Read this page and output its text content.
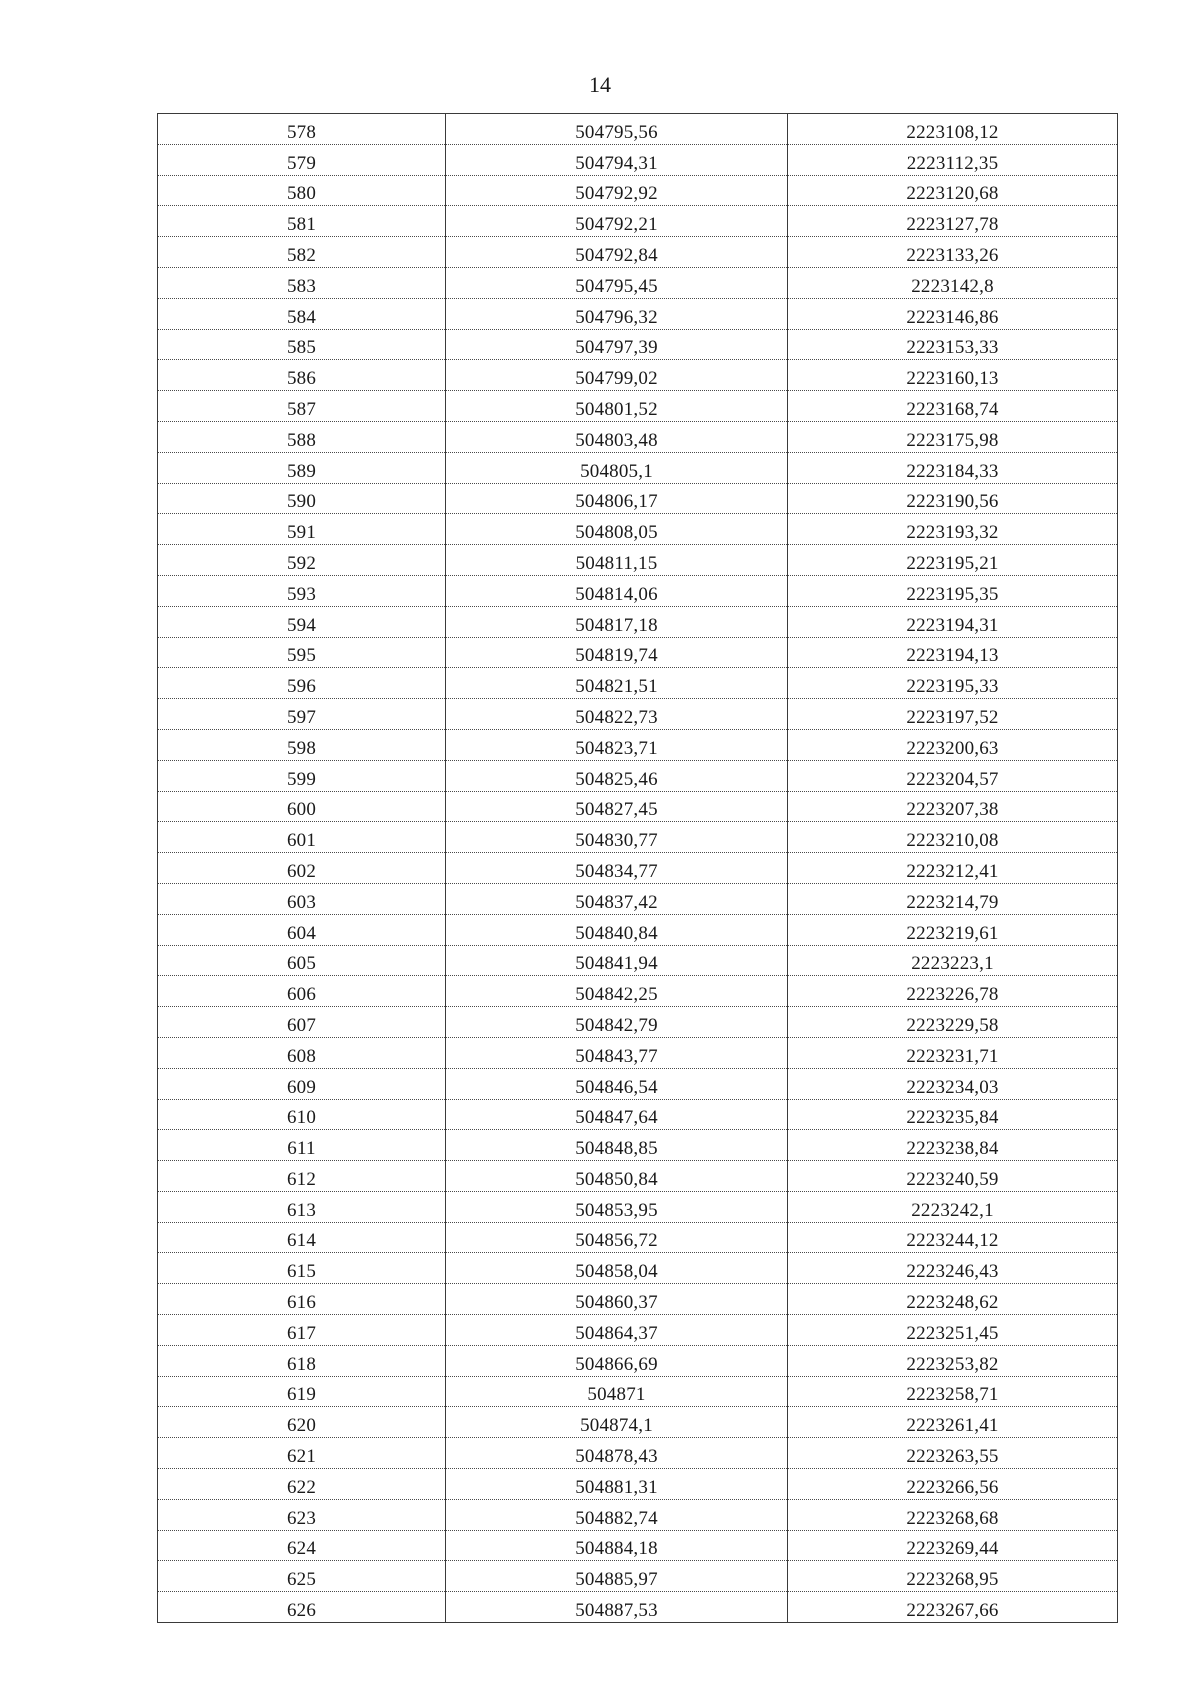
14
578	504795,56	2223108,12
579	504794,31	2223112,35
580	504792,92	2223120,68
581	504792,21	2223127,78
582	504792,84	2223133,26
583	504795,45	2223142,8
584	504796,32	2223146,86
585	504797,39	2223153,33
586	504799,02	2223160,13
587	504801,52	2223168,74
588	504803,48	2223175,98
589	504805,1	2223184,33
590	504806,17	2223190,56
591	504808,05	2223193,32
592	504811,15	2223195,21
593	504814,06	2223195,35
594	504817,18	2223194,31
595	504819,74	2223194,13
596	504821,51	2223195,33
597	504822,73	2223197,52
598	504823,71	2223200,63
599	504825,46	2223204,57
600	504827,45	2223207,38
601	504830,77	2223210,08
602	504834,77	2223212,41
603	504837,42	2223214,79
604	504840,84	2223219,61
605	504841,94	2223223,1
606	504842,25	2223226,78
607	504842,79	2223229,58
608	504843,77	2223231,71
609	504846,54	2223234,03
610	504847,64	2223235,84
611	504848,85	2223238,84
612	504850,84	2223240,59
613	504853,95	2223242,1
614	504856,72	2223244,12
615	504858,04	2223246,43
616	504860,37	2223248,62
617	504864,37	2223251,45
618	504866,69	2223253,82
619	504871	2223258,71
620	504874,1	2223261,41
621	504878,43	2223263,55
622	504881,31	2223266,56
623	504882,74	2223268,68
624	504884,18	2223269,44
625	504885,97	2223268,95
626	504887,53	2223267,66
